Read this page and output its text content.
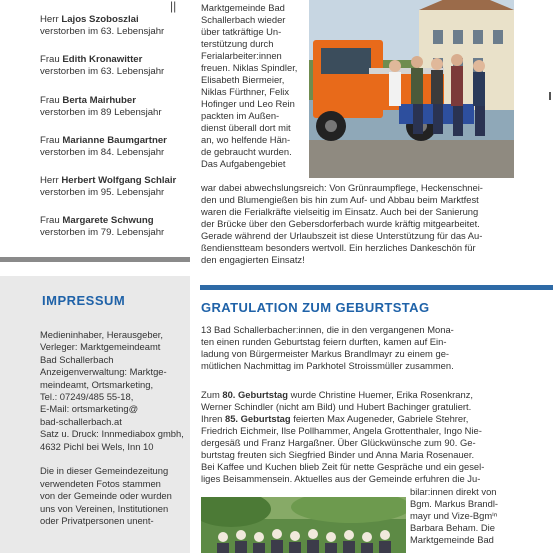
Herr Lajos Szoboszlai
verstorben im 63. Lebensjahr
Frau Edith Kronawitter
verstorben im 63. Lebensjahr
Frau Berta Mairhuber
verstorben im 89 Lebensjahr
Frau Marianne Baumgartner
verstorben im 84. Lebensjahr
Herr Herbert Wolfgang Schlair
verstorben im 95. Lebensjahr
Frau Margarete Schwung
verstorben im 79. Lebensjahr
||
IMPRESSUM
Medieninhaber, Herausgeber,
Verleger: Marktgemeindeamt
Bad Schallerbach
Anzeigenverwaltung: Marktge-
meindeamt, Ortsmarketing,
Tel.: 07249/485 55-18,
E-Mail: ortsmarketing@
bad-schallerbach.at
Satz u. Druck: Innmediabox gmbh,
4632 Pichl bei Wels, Inn 10
Die in dieser Gemeindezeitung
verwendeten Fotos stammen
von der Gemeinde oder wurden
uns von Vereinen, Institutionen
oder Privatpersonen unent-
Marktgemeinde Bad
Schallerbach wieder
über tatkräftige Un-
terstützung durch
Ferialarbeiter:innen
freuen. Niklas Spindler,
Elisabeth Biermeier,
Niklas Fürthner, Felix
Hofinger und Leo Rein
packten im Außen-
dienst überall dort mit
an, wo helfende Hän-
de gebraucht wurden.
Das Aufgabengebiet
war dabei abwechslungsreich: Von Grünraumpflege, Heckenschnei-
den und Blumengießen bis hin zum Auf- und Abbau beim Marktfest
waren die Ferialkräfte vielseitig im Einsatz. Auch bei der Sanierung
der Brücke über den Gebersdorferbach wurde kräftig mitgearbeitet.
Gerade während der Urlaubszeit ist diese Unterstützung für das Au-
ßendienstteam besonders wertvoll. Ein herzliches Dankeschön für
den engagierten Einsatz!
GRATULATION ZUM GEBURTSTAG
13 Bad Schallerbacher:innen, die in den vergangenen Mona-
ten einen runden Geburtstag feiern durften, kamen auf Ein-
ladung von Bürgermeister Markus Brandlmayr zu einem ge-
mütlichen Nachmittag im Parkhotel Stroissmüller zusammen.
Zum 80. Geburtstag wurde Christine Huemer, Erika Rosenkranz,
Werner Schindler (nicht am Bild) und Hubert Bachinger gratuliert.
Ihren 85. Geburtstag feierten Max Augeneder, Gabriele Stehrer,
Friedrich Eichmeir, Ilse Pollhammer, Angela Grottenthaler, Ingo Nie-
dergesäß und Franz Hargaßner. Über Glückwünsche zum 90. Ge-
burtstag freuten sich Siegfried Binder und Anna Maria Rosenauer.
Bei Kaffee und Kuchen blieb Zeit für nette Gespräche und ein gesel-
liges Beisammensein. Aktuelles aus der Gemeinde erfuhren die Ju-
bilar:innen direkt von
Bgm. Markus Brandl-
mayr und Vize-Bgmⁱⁿ
Barbara Beham. Die
Marktgemeinde Bad
